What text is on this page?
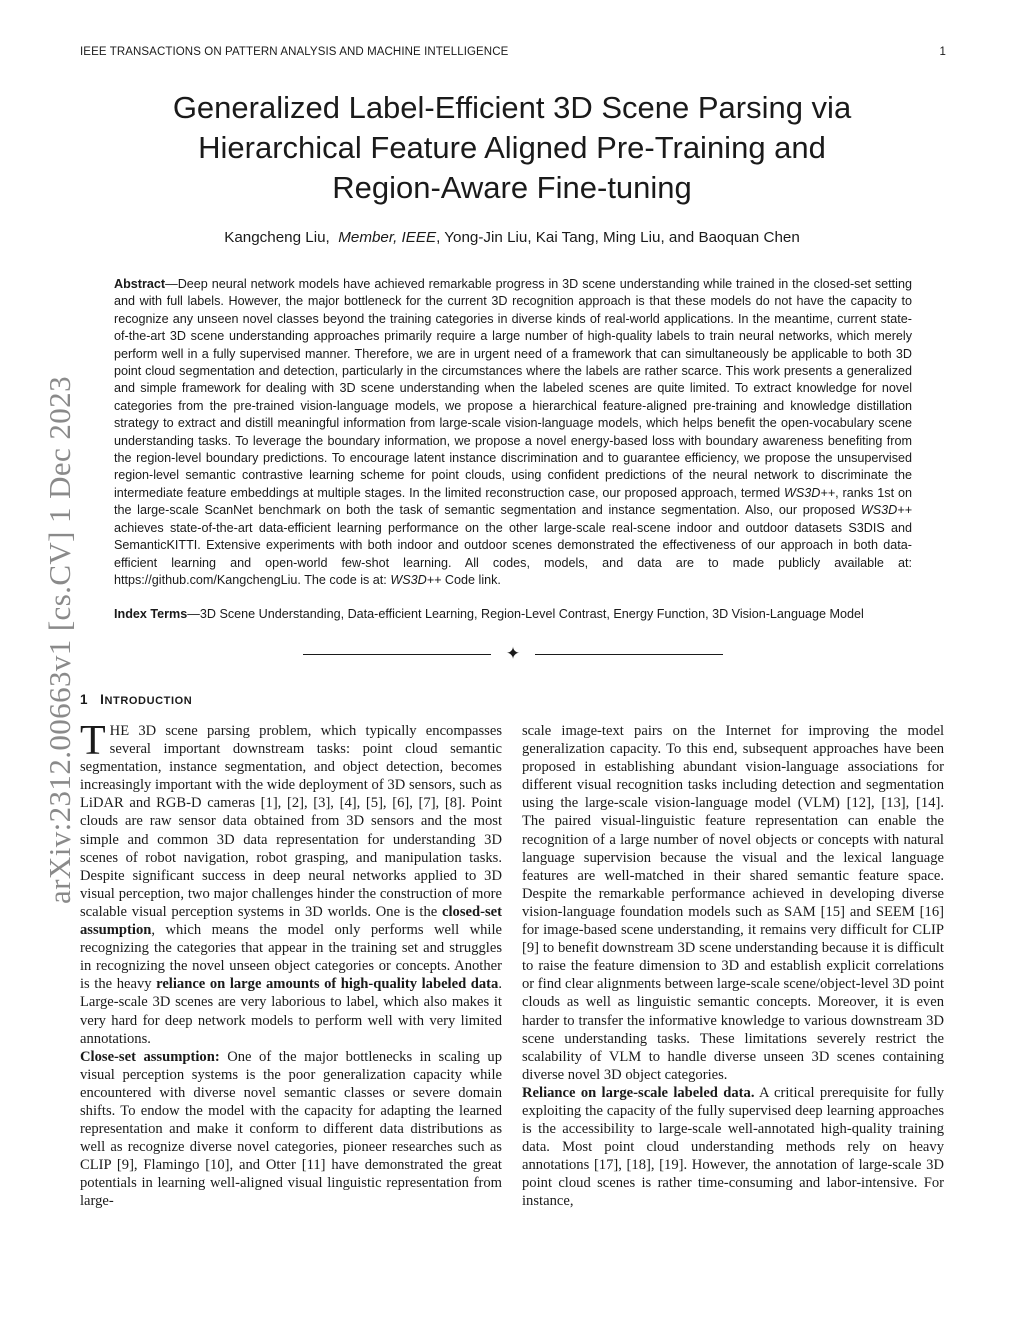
IEEE TRANSACTIONS ON PATTERN ANALYSIS AND MACHINE INTELLIGENCE	1
arXiv:2312.00663v1 [cs.CV] 1 Dec 2023
Generalized Label-Efficient 3D Scene Parsing via
Hierarchical Feature Aligned Pre-Training and
Region-Aware Fine-tuning
Kangcheng Liu, Member, IEEE, Yong-Jin Liu, Kai Tang, Ming Liu, and Baoquan Chen
Abstract—Deep neural network models have achieved remarkable progress in 3D scene understanding while trained in the closed-set setting and with full labels. However, the major bottleneck for the current 3D recognition approach is that these models do not have the capacity to recognize any unseen novel classes beyond the training categories in diverse kinds of real-world applications. In the meantime, current state-of-the-art 3D scene understanding approaches primarily require a large number of high-quality labels to train neural networks, which merely perform well in a fully supervised manner. Therefore, we are in urgent need of a framework that can simultaneously be applicable to both 3D point cloud segmentation and detection, particularly in the circumstances where the labels are rather scarce. This work presents a generalized and simple framework for dealing with 3D scene understanding when the labeled scenes are quite limited. To extract knowledge for novel categories from the pre-trained vision-language models, we propose a hierarchical feature-aligned pre-training and knowledge distillation strategy to extract and distill meaningful information from large-scale vision-language models, which helps benefit the open-vocabulary scene understanding tasks. To leverage the boundary information, we propose a novel energy-based loss with boundary awareness benefiting from the region-level boundary predictions. To encourage latent instance discrimination and to guarantee efficiency, we propose the unsupervised region-level semantic contrastive learning scheme for point clouds, using confident predictions of the neural network to discriminate the intermediate feature embeddings at multiple stages. In the limited reconstruction case, our proposed approach, termed WS3D++, ranks 1st on the large-scale ScanNet benchmark on both the task of semantic segmentation and instance segmentation. Also, our proposed WS3D++ achieves state-of-the-art data-efficient learning performance on the other large-scale real-scene indoor and outdoor datasets S3DIS and SemanticKITTI. Extensive experiments with both indoor and outdoor scenes demonstrated the effectiveness of our approach in both data-efficient learning and open-world few-shot learning. All codes, models, and data are to made publicly available at: https://github.com/KangchengLiu. The code is at: WS3D++ Code link.
Index Terms—3D Scene Understanding, Data-efficient Learning, Region-Level Contrast, Energy Function, 3D Vision-Language Model
✦
1 INTRODUCTION

THE 3D scene parsing problem, which typically encompasses several important downstream tasks: point cloud semantic segmentation, instance segmentation, and object detection, becomes increasingly important with the wide deployment of 3D sensors, such as LiDAR and RGB-D cameras [1], [2], [3], [4], [5], [6], [7], [8]. Point clouds are raw sensor data obtained from 3D sensors and the most simple and common 3D data representation for understanding 3D scenes of robot navigation, robot grasping, and manipulation tasks. Despite significant success in deep neural networks applied to 3D visual perception, two major challenges hinder the construction of more scalable visual perception systems in 3D worlds. One is the closed-set assumption, which means the model only performs well while recognizing the categories that appear in the training set and struggles in recognizing the novel unseen object categories or concepts. Another is the heavy reliance on large amounts of high-quality labeled data. Large-scale 3D scenes are very laborious to label, which also makes it very hard for deep network models to perform well with very limited annotations.

Close-set assumption: One of the major bottlenecks in scaling up visual perception systems is the poor generalization capacity while encountered with diverse novel semantic classes or severe domain shifts. To endow the model with the capacity for adapting the learned representation and make it conform to different data distributions as well as recognize diverse novel categories, pioneer researches such as CLIP [9], Flamingo [10], and Otter [11] have demonstrated the great potentials in learning well-aligned visual linguistic representation from large-

scale image-text pairs on the Internet for improving the model generalization capacity. To this end, subsequent approaches have been proposed in establishing abundant vision-language associations for different visual recognition tasks including detection and segmentation using the large-scale vision-language model (VLM) [12], [13], [14]. The paired visual-linguistic feature representation can enable the recognition of a large number of novel objects or concepts with natural language supervision because the visual and the lexical language features are well-matched in their shared semantic feature space. Despite the remarkable performance achieved in developing diverse vision-language foundation models such as SAM [15] and SEEM [16] for image-based scene understanding, it remains very difficult for CLIP [9] to benefit downstream 3D scene understanding because it is difficult to raise the feature dimension to 3D and establish explicit correlations or find clear alignments between large-scale scene/object-level 3D point clouds as well as linguistic semantic concepts. Moreover, it is even harder to transfer the informative knowledge to various downstream 3D scene understanding tasks. These limitations severely restrict the scalability of VLM to handle diverse unseen 3D scenes containing diverse novel 3D object categories.

Reliance on large-scale labeled data. A critical prerequisite for fully exploiting the capacity of the fully supervised deep learning approaches is the accessibility to large-scale well-annotated high-quality training data. Most point cloud understanding methods rely on heavy annotations [17], [18], [19]. However, the annotation of large-scale 3D point cloud scenes is rather time-consuming and labor-intensive. For instance,
